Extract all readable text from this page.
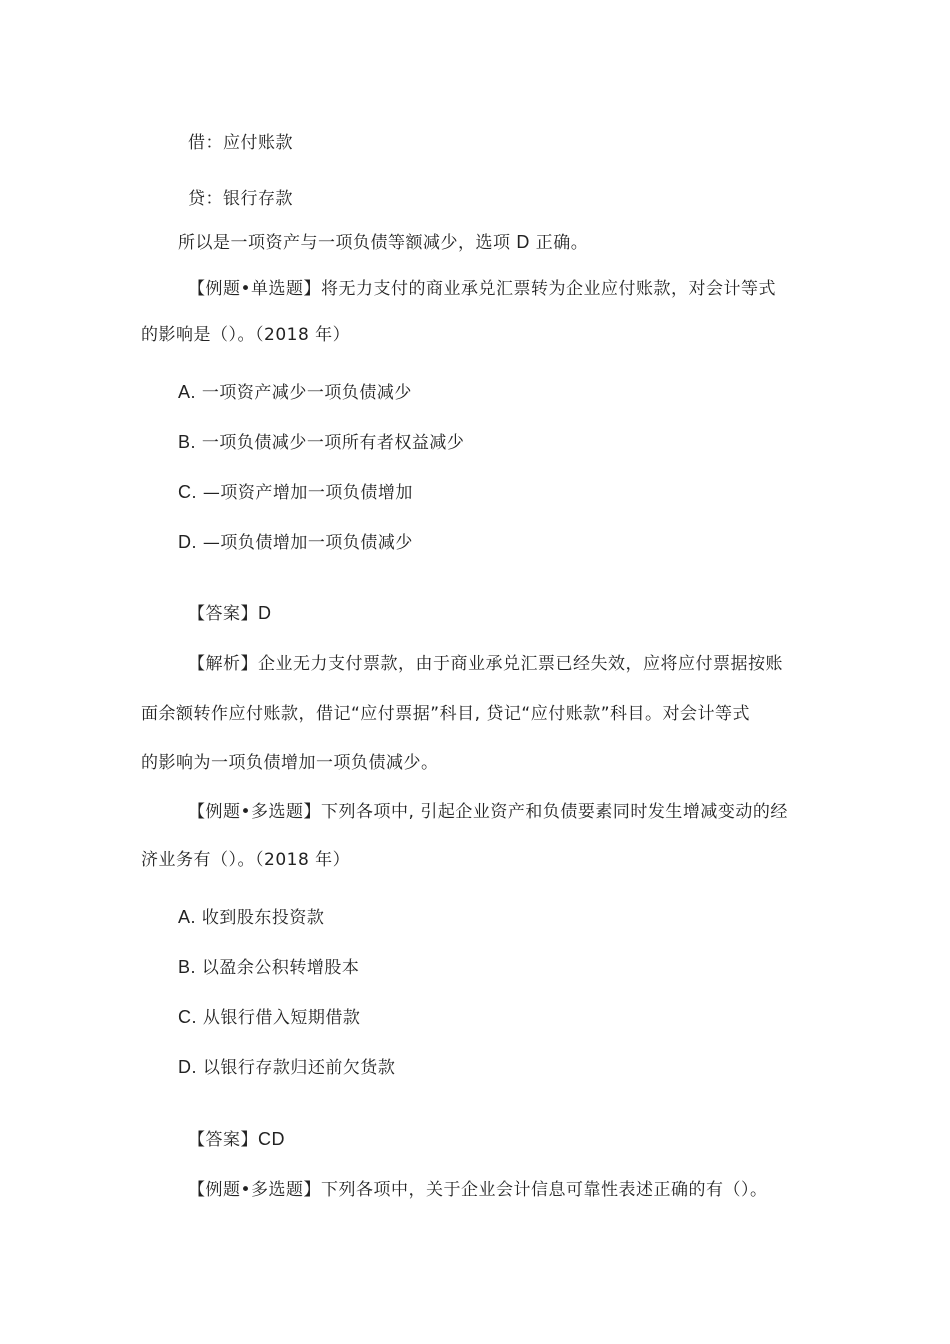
借：应付账款
贷：银行存款
所以是一项资产与一项负债等额减少，选项 D 正确。
【例题•单选题】将无力支付的商业承兑汇票转为企业应付账款，对会计等式
的影响是（）。（2018 年）
A. 一项资产减少一项负债减少
B. 一项负债减少一项所有者权益减少
C. —项资产增加一项负债增加
D. —项负债增加一项负债减少
【答案】D
【解析】企业无力支付票款，由于商业承兑汇票已经失效，应将应付票据按账
面余额转作应付账款，借记“应付票据”科目, 贷记“应付账款”科目。对会计等式
的影响为一项负债增加一项负债减少。
【例题•多选题】下列各项中, 引起企业资产和负债要素同时发生增减变动的经
济业务有（）。（2018 年）
A. 收到股东投资款
B. 以盈余公积转增股本
C. 从银行借入短期借款
D. 以银行存款归还前欠货款
【答案】CD
【例题•多选题】下列各项中，关于企业会计信息可靠性表述正确的有（）。
